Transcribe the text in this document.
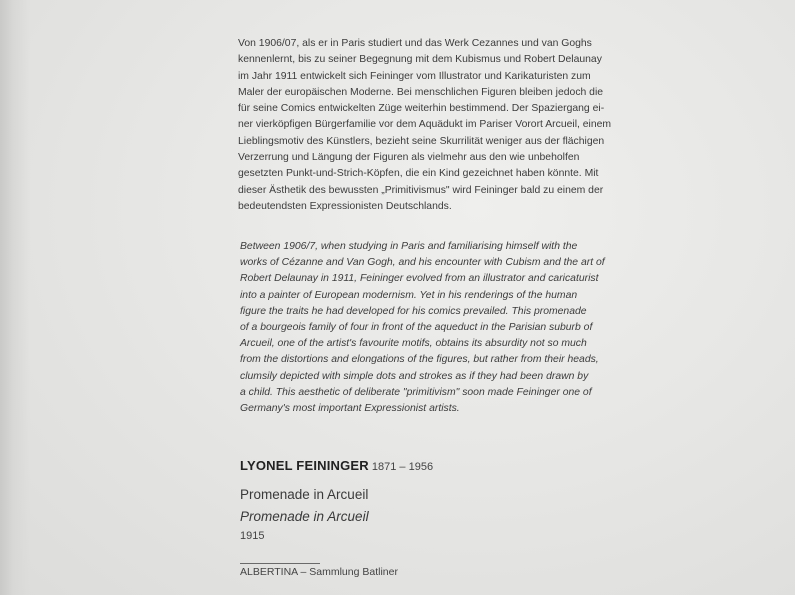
Von 1906/07, als er in Paris studiert und das Werk Cezannes und van Goghs
kennenlernt, bis zu seiner Begegnung mit dem Kubismus und Robert Delaunay
im Jahr 1911 entwickelt sich Feininger vom Illustrator und Karikaturisten zum
Maler der europäischen Moderne. Bei menschlichen Figuren bleiben jedoch die
für seine Comics entwickelten Züge weiterhin bestimmend. Der Spaziergang ei-
ner vierköpfigen Bürgerfamilie vor dem Aquädukt im Pariser Vorort Arcueil, einem
Lieblingsmotiv des Künstlers, bezieht seine Skurrilität weniger aus der flächigen
Verzerrung und Längung der Figuren als vielmehr aus den wie unbeholfen
gesetzten Punkt-und-Strich-Köpfen, die ein Kind gezeichnet haben könnte. Mit
dieser Ästhetik des bewussten „Primitivismus" wird Feininger bald zu einem der
bedeutendsten Expressionisten Deutschlands.
Between 1906/7, when studying in Paris and familiarising himself with the
works of Cézanne and Van Gogh, and his encounter with Cubism and the art of
Robert Delaunay in 1911, Feininger evolved from an illustrator and caricaturist
into a painter of European modernism. Yet in his renderings of the human
figure the traits he had developed for his comics prevailed. This promenade
of a bourgeois family of four in front of the aqueduct in the Parisian suburb of
Arcueil, one of the artist's favourite motifs, obtains its absurdity not so much
from the distortions and elongations of the figures, but rather from their heads,
clumsily depicted with simple dots and strokes as if they had been drawn by
a child. This aesthetic of deliberate "primitivism" soon made Feininger one of
Germany's most important Expressionist artists.
LYONEL FEININGER 1871 – 1956
Promenade in Arcueil
Promenade in Arcueil
1915
ALBERTINA – Sammlung Batliner
